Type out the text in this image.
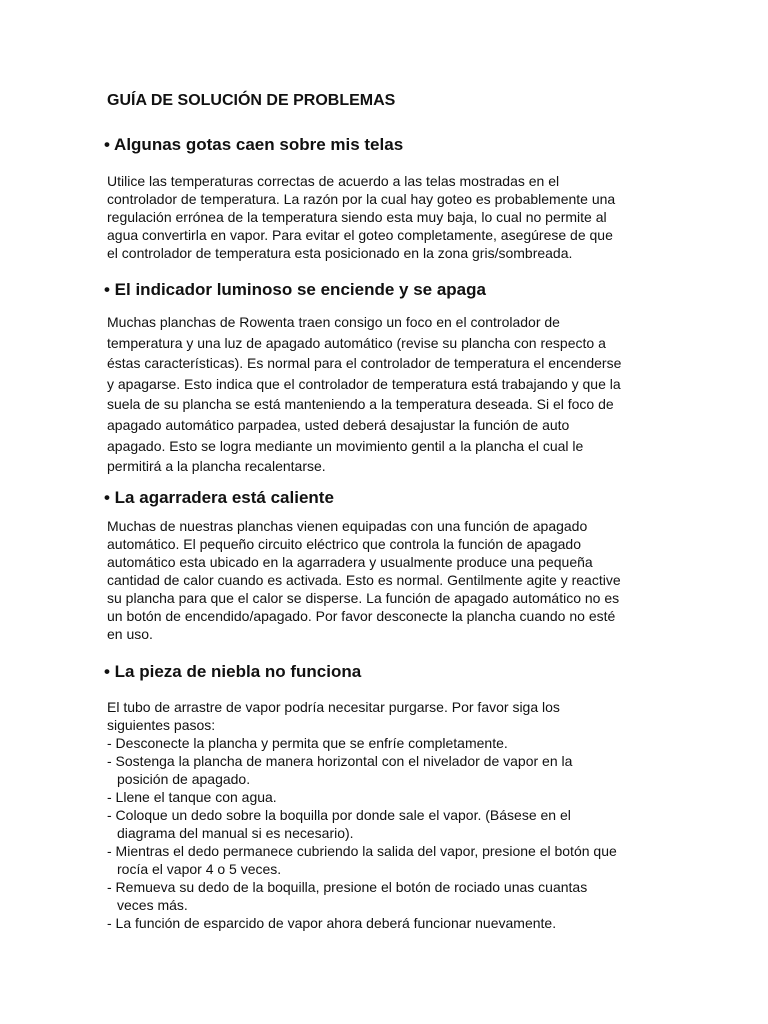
GUÍA DE SOLUCIÓN DE PROBLEMAS
• Algunas gotas caen sobre mis telas
Utilice las temperaturas correctas de acuerdo a las telas mostradas en el
controlador de temperatura. La razón por la cual hay goteo es probablemente una
regulación errónea de la temperatura siendo esta muy baja, lo cual no permite al
agua convertirla en vapor. Para evitar el goteo completamente, asegúrese de que
el controlador de temperatura esta posicionado en la zona gris/sombreada.
• El indicador luminoso se enciende y se apaga
Muchas planchas de Rowenta traen consigo un foco en el controlador de
temperatura y una luz de apagado automático (revise su plancha con respecto a
éstas características). Es normal para el controlador de temperatura el encenderse
y apagarse. Esto indica que el controlador de temperatura está trabajando y que la
suela de su plancha se está manteniendo a la temperatura deseada. Si el foco de
apagado automático parpadea, usted deberá desajustar la función de auto
apagado. Esto se logra mediante un movimiento gentil a la plancha el cual le
permitirá a la plancha recalentarse.
• La agarradera está caliente
Muchas de nuestras planchas vienen equipadas con una función de apagado
automático. El pequeño circuito eléctrico que controla la función de apagado
automático esta ubicado en la agarradera y usualmente produce una pequeña
cantidad de calor cuando es activada. Esto es normal. Gentilmente agite y reactive
su plancha para que el calor se disperse. La función de apagado automático no es
un botón de encendido/apagado. Por favor desconecte la plancha cuando no esté
en uso.
• La pieza de niebla no funciona
El tubo de arrastre de vapor podría necesitar purgarse. Por favor siga los
siguientes pasos:
- Desconecte la plancha y permita que se enfríe completamente.
- Sostenga la plancha de manera horizontal con el nivelador de vapor en la
posición de apagado.
- Llene el tanque con agua.
- Coloque un dedo sobre la boquilla por donde sale el vapor. (Básese en el
diagrama del manual si es necesario).
- Mientras el dedo permanece cubriendo la salida del vapor, presione el botón que
rocía el vapor 4 o 5 veces.
- Remueva su dedo de la boquilla, presione el botón de rociado unas cuantas
veces más.
- La función de esparcido de vapor ahora deberá funcionar nuevamente.
